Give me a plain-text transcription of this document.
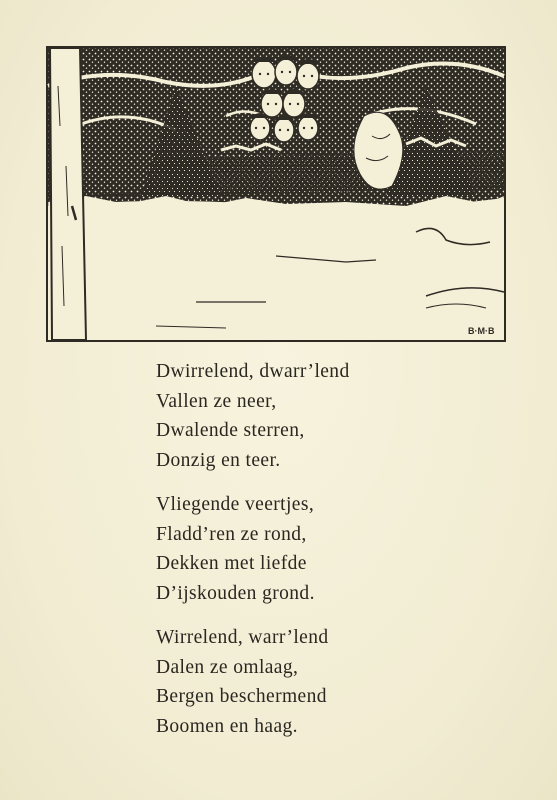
B·M·B
Dwirrelend, dwarr’lend
Vallen ze neer,
Dwalende sterren,
Donzig en teer.
Vliegende veertjes,
Fladd’ren ze rond,
Dekken met liefde
D’ijskouden grond.
Wirrelend, warr’lend
Dalen ze omlaag,
Bergen beschermend
Boomen en haag.
